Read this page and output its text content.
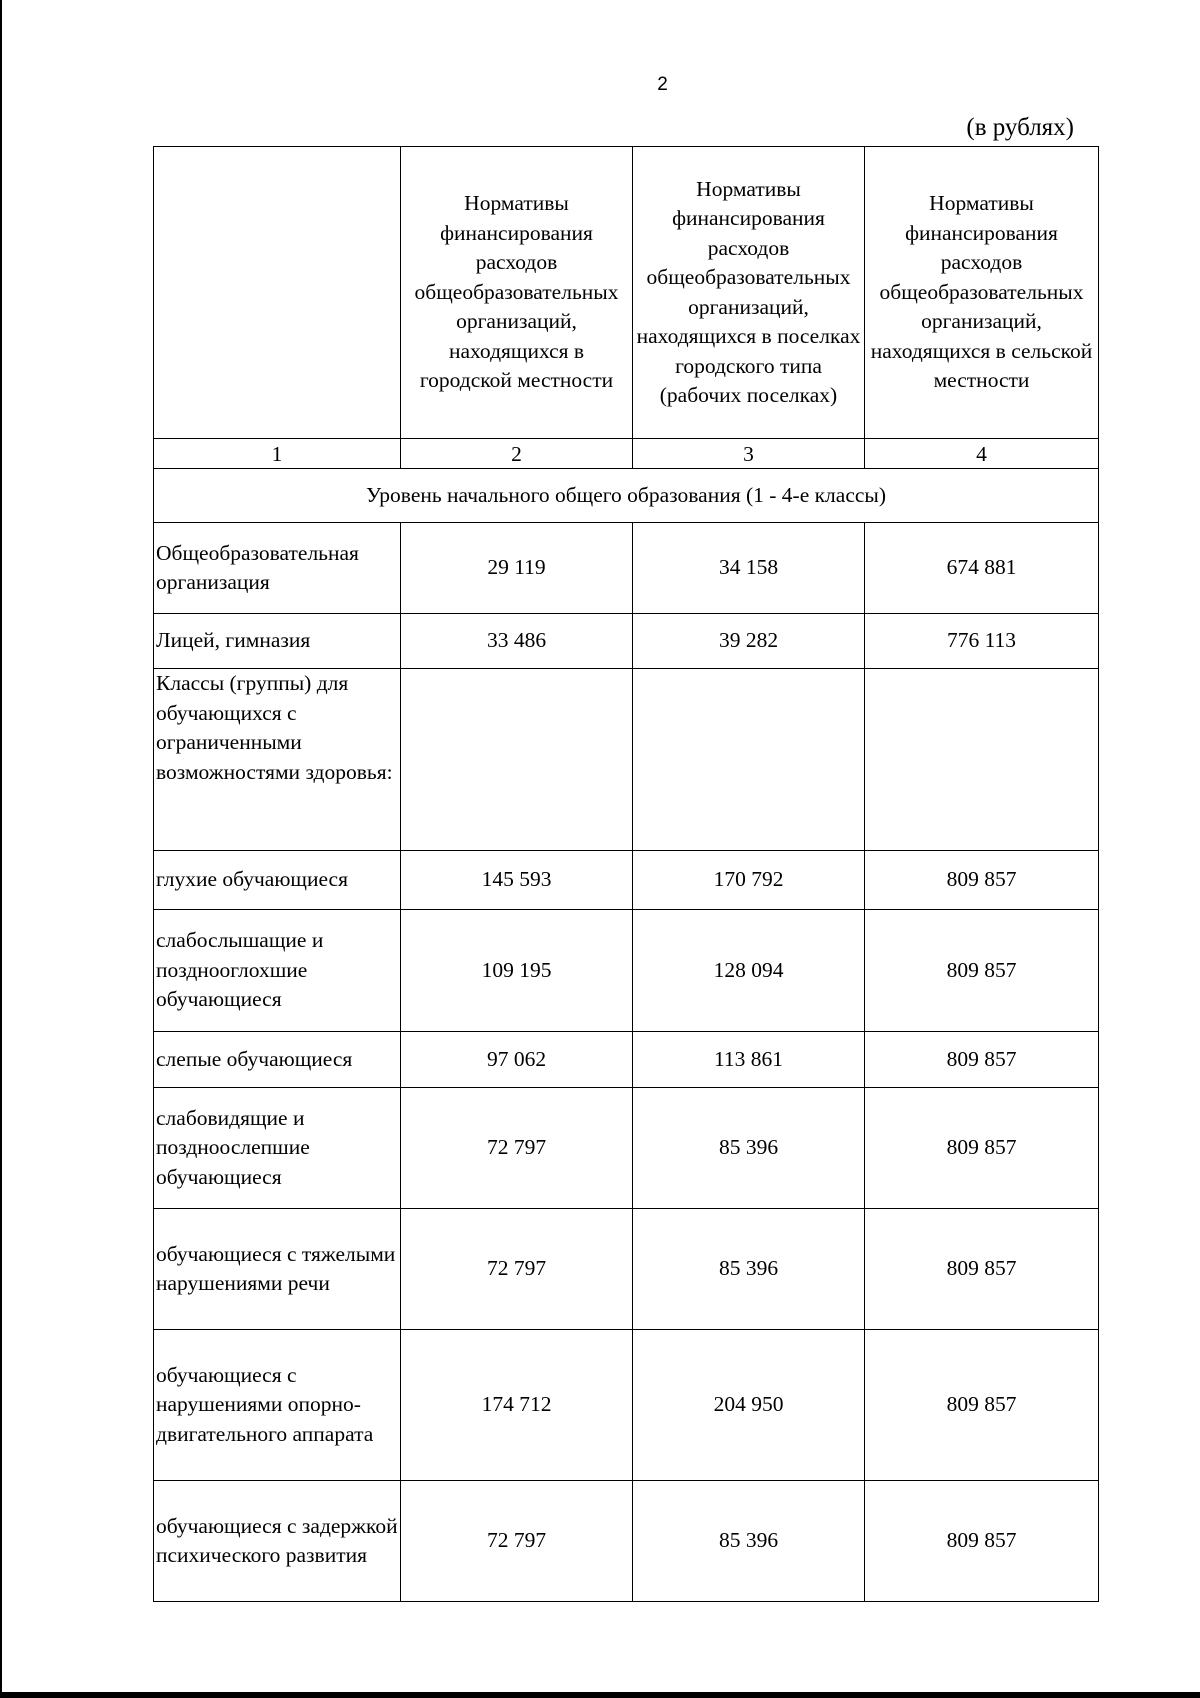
2
(в рублях)
	Нормативы финансирования расходов общеобразовательных организаций, находящихся в городской местности	Нормативы финансирования расходов общеобразовательных организаций, находящихся в поселках городского типа (рабочих поселках)	Нормативы финансирования расходов общеобразовательных организаций, находящихся в сельской местности
1	2	3	4
Уровень начального общего образования (1 - 4-е классы)			
Общеобразовательная организация	29 119	34 158	674 881
Лицей, гимназия	33 486	39 282	776 113
Классы (группы) для обучающихся с ограниченными возможностями здоровья:			
глухие обучающиеся	145 593	170 792	809 857
слабослышащие и позднооглохшие обучающиеся	109 195	128 094	809 857
слепые обучающиеся	97 062	113 861	809 857
слабовидящие и поздноослепшие обучающиеся	72 797	85 396	809 857
обучающиеся с тяжелыми нарушениями речи	72 797	85 396	809 857
обучающиеся с нарушениями опорно-двигательного аппарата	174 712	204 950	809 857
обучающиеся с задержкой психического развития	72 797	85 396	809 857
